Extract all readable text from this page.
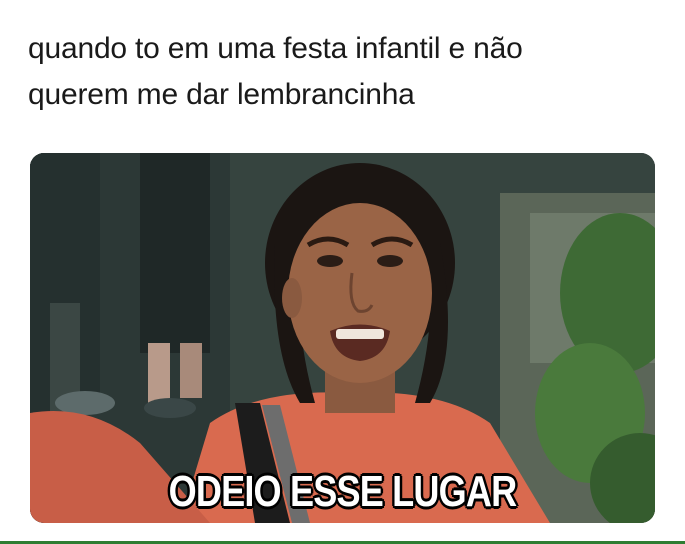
quando to em uma festa infantil e não
querem me dar lembrancinha
ODEIO ESSE LUGAR
